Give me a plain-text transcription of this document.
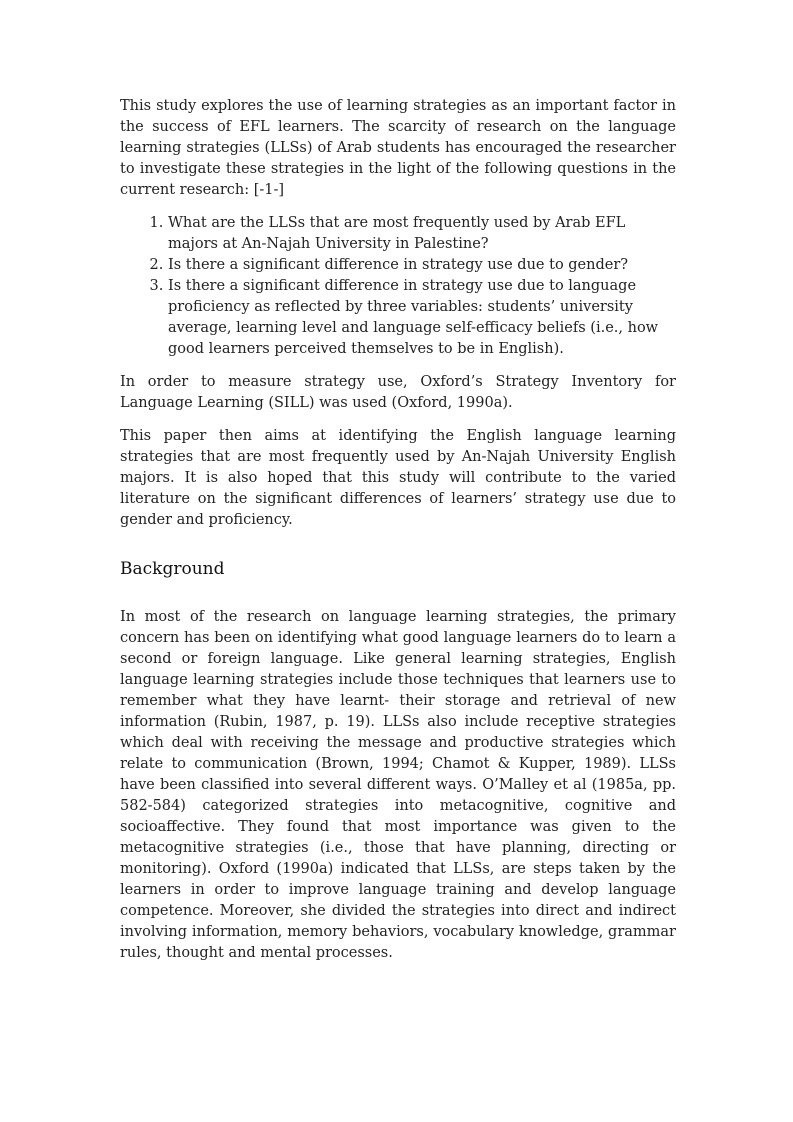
This study explores the use of learning strategies as an important factor in the success of EFL learners. The scarcity of research on the language learning strategies (LLSs) of Arab students has encouraged the researcher to investigate these strategies in the light of the following questions in the current research: [-1-]

1. What are the LLSs that are most frequently used by Arab EFL majors at An-Najah University in Palestine?
2. Is there a significant difference in strategy use due to gender?
3. Is there a significant difference in strategy use due to language proficiency as reflected by three variables: students’ university average, learning level and language self-efficacy beliefs (i.e., how good learners perceived themselves to be in English).

In order to measure strategy use, Oxford’s Strategy Inventory for Language Learning (SILL) was used (Oxford, 1990a).

This paper then aims at identifying the English language learning strategies that are most frequently used by An-Najah University English majors. It is also hoped that this study will contribute to the varied literature on the significant differences of learners’ strategy use due to gender and proficiency.

Background

In most of the research on language learning strategies, the primary concern has been on identifying what good language learners do to learn a second or foreign language. Like general learning strategies, English language learning strategies include those techniques that learners use to remember what they have learnt- their storage and retrieval of new information (Rubin, 1987, p. 19). LLSs also include receptive strategies which deal with receiving the message and productive strategies which relate to communication (Brown, 1994; Chamot & Kupper, 1989). LLSs have been classified into several different ways. O’Malley et al (1985a, pp. 582-584) categorized strategies into metacognitive, cognitive and socioaffective. They found that most importance was given to the metacognitive strategies (i.e., those that have planning, directing or monitoring). Oxford (1990a) indicated that LLSs, are steps taken by the learners in order to improve language training and develop language competence. Moreover, she divided the strategies into direct and indirect involving information, memory behaviors, vocabulary knowledge, grammar rules, thought and mental processes.
